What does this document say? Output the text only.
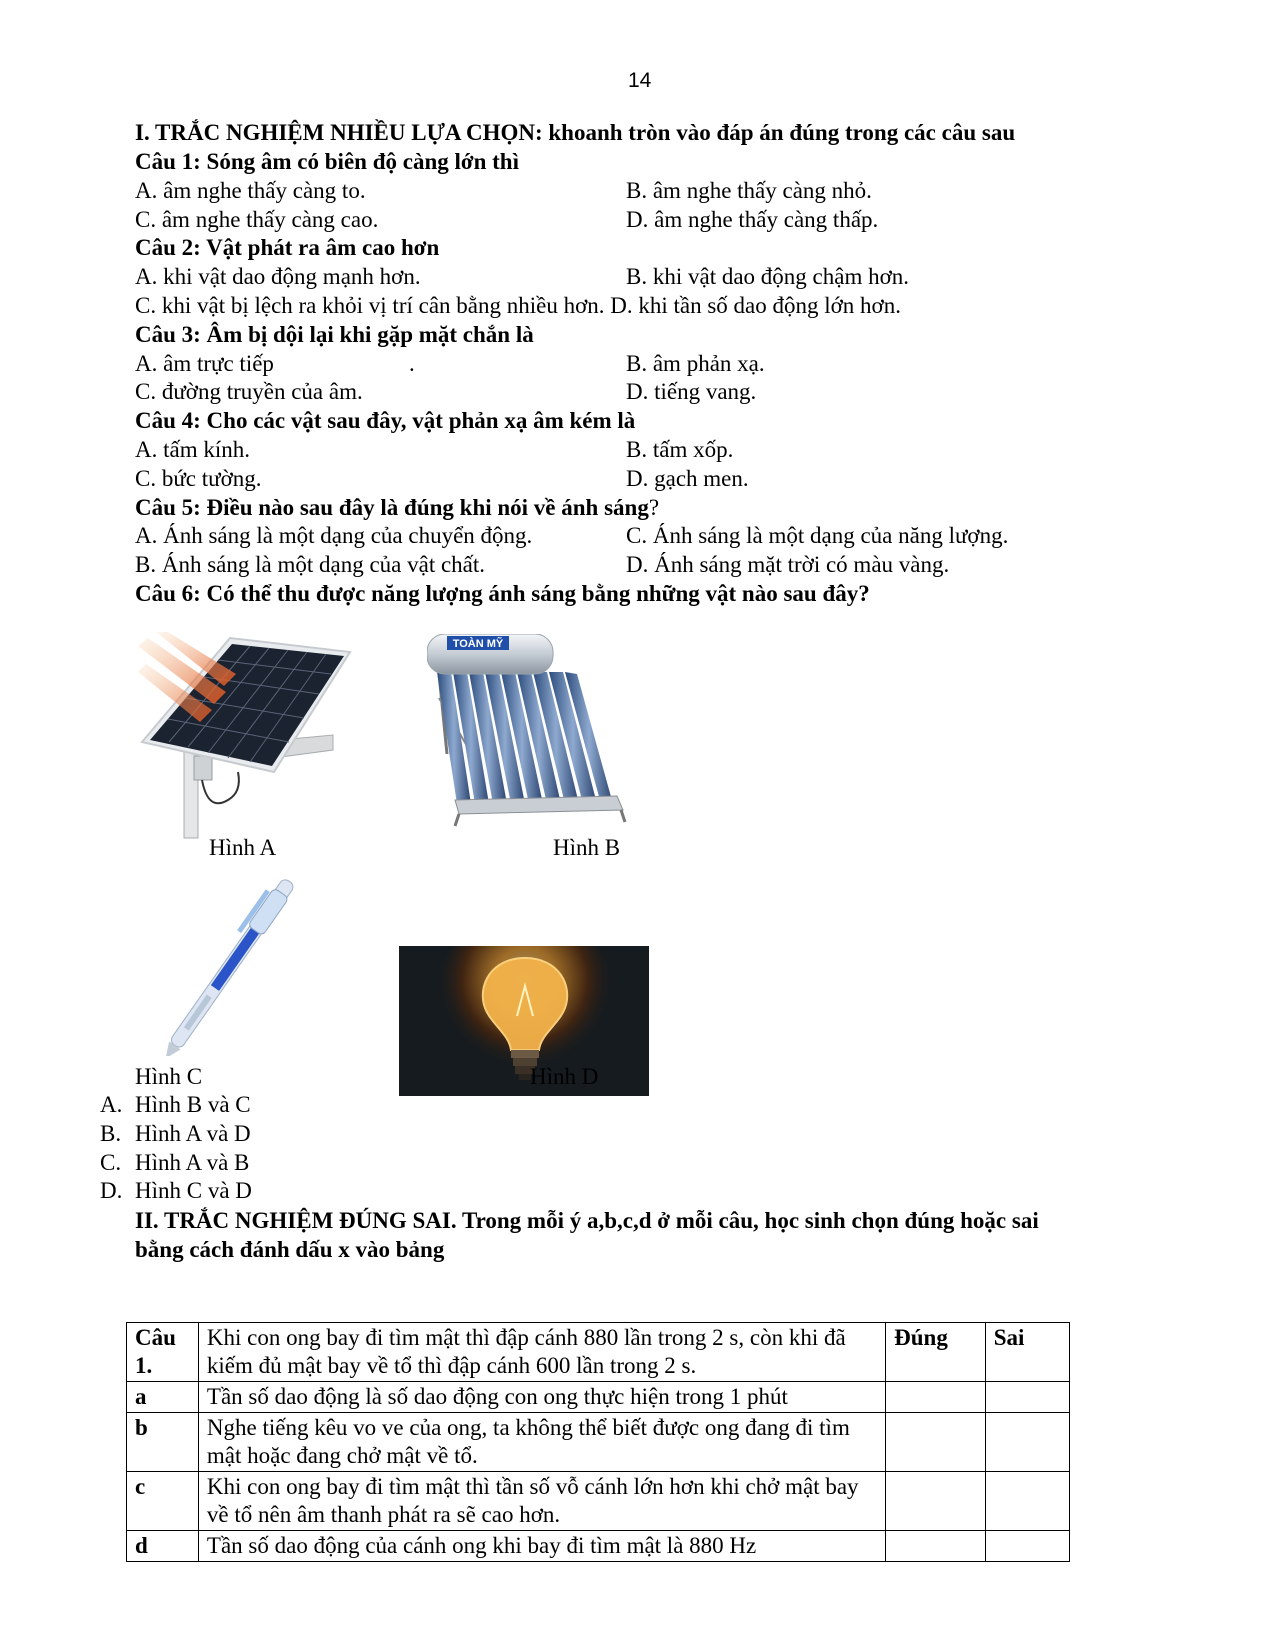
14
I. TRẮC NGHIỆM NHIỀU LỰA CHỌN: khoanh tròn vào đáp án đúng trong các câu sau
Câu 1: Sóng âm có biên độ càng lớn thì
A. âm nghe thấy càng to.	B. âm nghe thấy càng nhỏ.
C. âm nghe thấy càng cao.	D. âm nghe thấy càng thấp.
Câu 2: Vật phát ra âm cao hơn
A. khi vật dao động mạnh hơn.	B. khi vật dao động chậm hơn.
C. khi vật bị lệch ra khỏi vị trí cân bằng nhiều hơn. D. khi tần số dao động lớn hơn.
Câu 3: Âm bị dội lại khi gặp mặt chắn là
A. âm trực tiếp	.	B. âm phản xạ.
C. đường truyền của âm.	D. tiếng vang.
Câu 4: Cho các vật sau đây, vật phản xạ âm kém là
A. tấm kính.	B. tấm xốp.
C. bức tường.	D. gạch men.
Câu 5: Điều nào sau đây là đúng khi nói về ánh sáng?
A. Ánh sáng là một dạng của chuyển động.	C. Ánh sáng là một dạng của năng lượng.
B. Ánh sáng là một dạng của vật chất.	D. Ánh sáng mặt trời có màu vàng.
Câu 6: Có thể thu được năng lượng ánh sáng bằng những vật nào sau đây?
Hình A
TOÀN MỸ
Hình B
Hình C	Hình D
A. Hình B và C
B. Hình A và D
C. Hình A và B
D. Hình C và D
II. TRẮC NGHIỆM ĐÚNG SAI. Trong mỗi ý a,b,c,d ở mỗi câu, học sinh chọn đúng hoặc sai
bằng cách đánh dấu x vào bảng
Câu 1.	Khi con ong bay đi tìm mật thì đập cánh 880 lần trong 2 s, còn khi đã kiếm đủ mật bay về tổ thì đập cánh 600 lần trong 2 s.	Đúng	Sai
a	Tần số dao động là số dao động con ong thực hiện trong 1 phút		
b	Nghe tiếng kêu vo ve của ong, ta không thể biết được ong đang đi tìm mật hoặc đang chở mật về tổ.		
c	Khi con ong bay đi tìm mật thì tần số vỗ cánh lớn hơn khi chở mật bay về tổ nên âm thanh phát ra sẽ cao hơn.		
d	Tần số dao động của cánh ong khi bay đi tìm mật là 880 Hz		
